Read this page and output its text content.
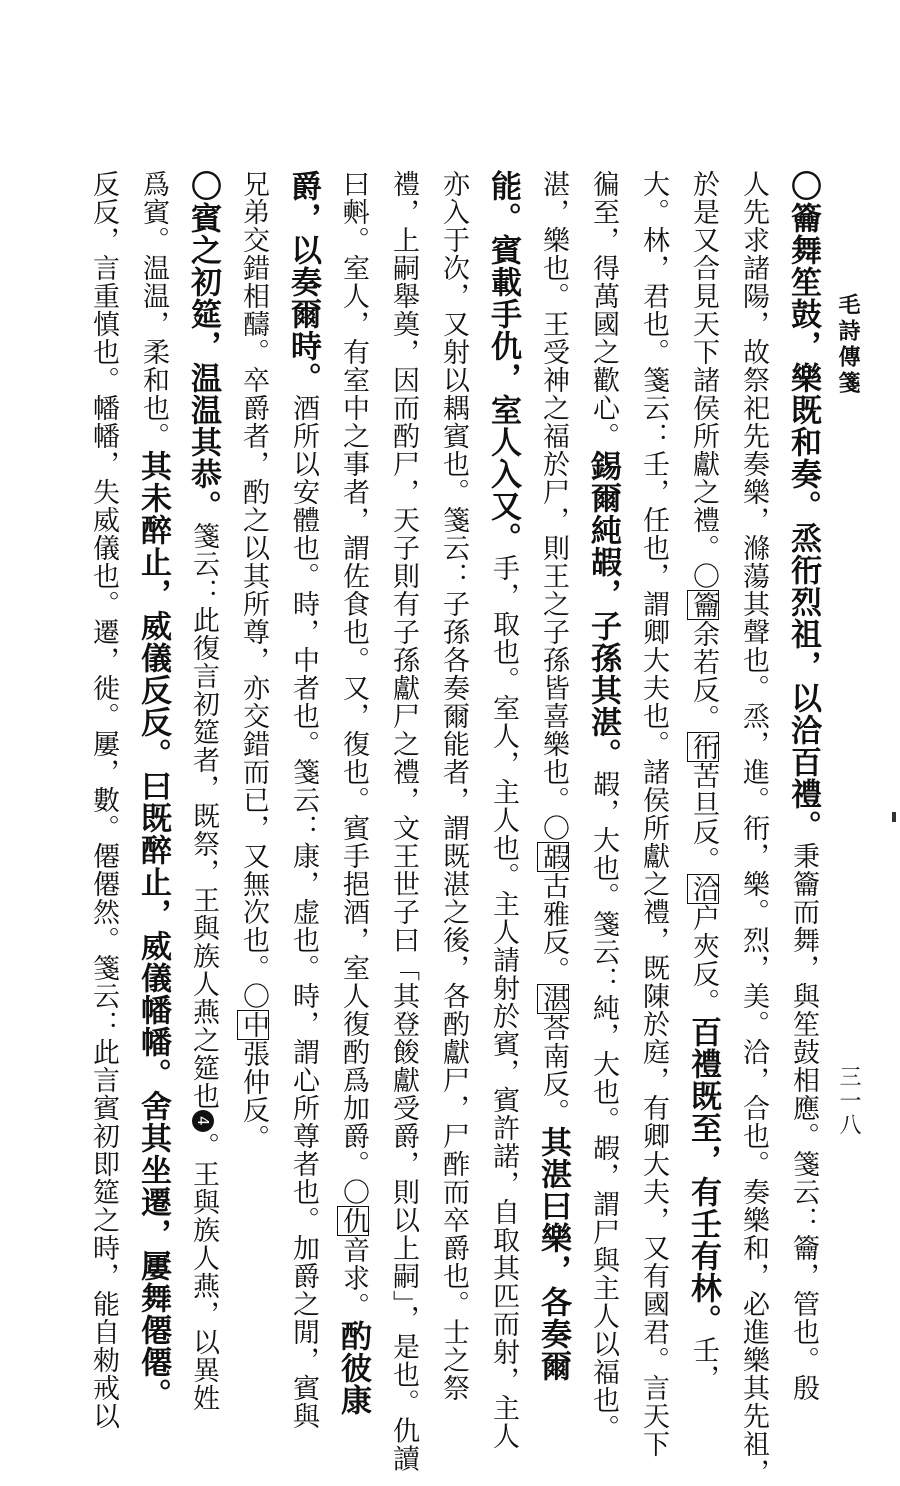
毛詩傳箋
三一八
〇籥舞笙鼓，樂既和奏。烝衎烈祖，以洽百禮。秉籥而舞，與笙鼓相應。箋云：籥，管也。殷
人先求諸陽，故祭祀先奏樂，滌蕩其聲也。烝，進。衎，樂。烈，美。洽，合也。奏樂和，必進樂其先祖，
於是又合見天下諸侯所獻之禮。〇籥余若反。衎苦旦反。洽户夾反。百禮既至，有壬有林。壬，
大。林，君也。箋云：壬，任也，謂卿大夫也。諸侯所獻之禮，既陳於庭，有卿大夫，又有國君。言天下
徧至，得萬國之歡心。錫爾純嘏，子孫其湛。嘏，大也。箋云：純，大也。嘏，謂尸與主人以福也。
湛，樂也。王受神之福於尸，則王之子孫皆喜樂也。〇嘏古雅反。湛荅南反。其湛曰樂，各奏爾
能。賓載手仇，室人入又。手，取也。室人，主人也。主人請射於賓，賓許諾，自取其匹而射，主人
亦入于次，又射以耦賓也。箋云：子孫各奏爾能者，謂既湛之後，各酌獻尸，尸酢而卒爵也。士之祭
禮，上嗣舉奠，因而酌尸，天子則有子孫獻尸之禮，文王世子曰「其登餕獻受爵，則以上嗣」，是也。仇讀
曰㪺。室人，有室中之事者，謂佐食也。又，復也。賓手挹酒，室人復酌爲加爵。〇仇音求。酌彼康
爵，以奏爾時。酒所以安體也。時，中者也。箋云：康，虚也。時，謂心所尊者也。加爵之閒，賓與
兄弟交錯相醻。卒爵者，酌之以其所尊，亦交錯而已，又無次也。〇中張仲反。
〇賓之初筵，温温其恭。箋云：此復言初筵者，既祭，王與族人燕之筵也4。王與族人燕，以異姓
爲賓。温温，柔和也。其未醉止，威儀反反。曰既醉止，威儀幡幡。舍其坐遷，屢舞僊僊。
反反，言重慎也。幡幡，失威儀也。遷，徙。屢，數。僊僊然。箋云：此言賓初即筵之時，能自勑戒以
